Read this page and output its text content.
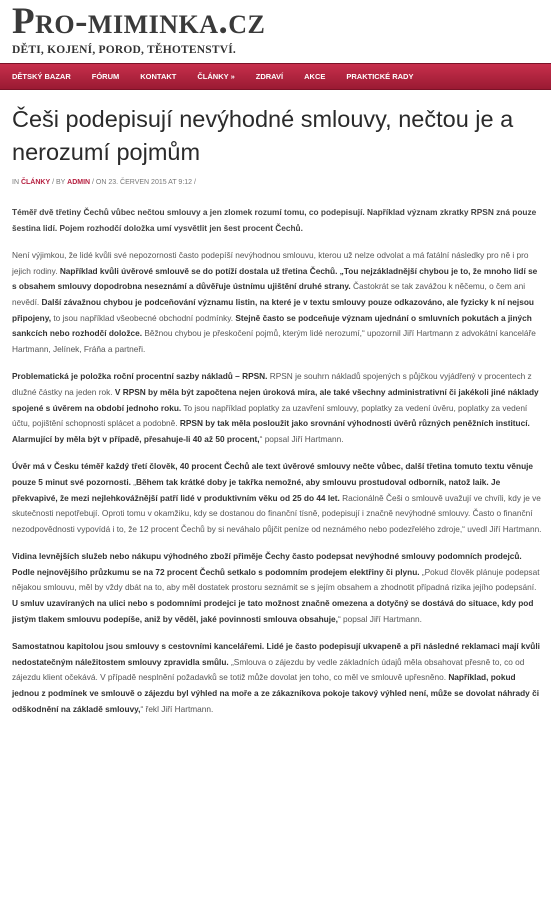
Pro-miminka.cz
DĚTI, KOJENÍ, POROD, TĚHOTENSTVÍ.
DĚTSKÝ BAZAR	FÓRUM	KONTAKT	ČLÁNKY »	ZDRAVÍ	AKCE	PRAKTICKÉ RADY
Češi podepisují nevýhodné smlouvy, nečtou je a nerozumí pojmům
IN ČLÁNKY / BY ADMIN / ON 23. ČERVEN 2015 AT 9:12 /

Téměř dvě třetiny Čechů vůbec nečtou smlouvy a jen zlomek rozumí tomu, co podepisují. Například význam zkratky RPSN zná pouze šestina lidí. Pojem rozhodčí doložka umí vysvětlit jen šest procent Čechů.

Není výjimkou, že lidé kvůli své nepozornosti často podepíší nevýhodnou smlouvu, kterou už nelze odvolat a má fatální následky pro ně i pro jejich rodiny. Například kvůli úvěrové smlouvě se do potíží dostala už třetina Čechů. „Tou nejzákladnější chybou je to, že mnoho lidí se s obsahem smlouvy dopodrobna neseznámí a důvěřuje ústnímu ujištění druhé strany. Častokrát se tak zavážou k něčemu, o čem ani nevědí. Další závažnou chybou je podceňování významu listin, na které je v textu smlouvy pouze odkazováno, ale fyzicky k ní nejsou připojeny, to jsou například všeobecné obchodní podmínky. Stejně často se podceňuje význam ujednání o smluvních pokutách a jiných sankcích nebo rozhodčí doložce. Běžnou chybou je přeskočení pojmů, kterým lidé nerozumí,“ upozornil Jiří Hartmann z advokátní kanceláře Hartmann, Jelínek, Fráňa a partneři.

Problematická je položka roční procentní sazby nákladů – RPSN. RPSN je souhrn nákladů spojených s půjčkou vyjádřený v procentech z dlužné částky na jeden rok. V RPSN by měla být započtena nejen úroková míra, ale také všechny administrativní či jakékoli jiné náklady spojené s úvěrem na období jednoho roku. To jsou například poplatky za uzavření smlouvy, poplatky za vedení úvěru, poplatky za vedení účtu, pojištění schopnosti splácet a podobně. RPSN by tak měla posloužit jako srovnání výhodnosti úvěrů různých peněžních institucí. Alarmující by měla být v případě, přesahuje-li 40 až 50 procent,“ popsal Jiří Hartmann.

Úvěr má v Česku téměř každý třetí člověk, 40 procent Čechů ale text úvěrové smlouvy nečte vůbec, další třetina tomuto textu věnuje pouze 5 minut své pozornosti. „Během tak krátké doby je takřka nemožné, aby smlouvu prostudoval odborník, natož laik. Je překvapivé, že mezi nejlehkovážnější patří lidé v produktivním věku od 25 do 44 let. Racionálně Češi o smlouvě uvažují ve chvíli, kdy je ve skutečnosti nepotřebují. Oproti tomu v okamžiku, kdy se dostanou do finanční tísně, podepisují i značně nevýhodné smlouvy. Často o finanční nezodpovědnosti vypovídá i to, že 12 procent Čechů by si neváhalo půjčit peníze od neznámého nebo podezřelého zdroje,“ uvedl Jiří Hartmann.

Vidina levnějších služeb nebo nákupu výhodného zboží přiměje Čechy často podepsat nevýhodné smlouvy podomních prodejců. Podle nejnovějšího průzkumu se na 72 procent Čechů setkalo s podomním prodejem elektřiny či plynu. „Pokud člověk plánuje podepsat nějakou smlouvu, měl by vždy dbát na to, aby měl dostatek prostoru seznámit se s jejím obsahem a zhodnotit případná rizika jejího podepsání. U smluv uzavíraných na ulici nebo s podomními prodejci je tato možnost značně omezena a dotyčný se dostává do situace, kdy pod jistým tlakem smlouvu podepíše, aniž by věděl, jaké povinnosti smlouva obsahuje,“ popsal Jiří Hartmann.

Samostatnou kapitolou jsou smlouvy s cestovními kancelářemi. Lidé je často podepisují ukvapeně a při následné reklamaci mají kvůli nedostatečným náležitostem smlouvy zpravidla smůlu. „Smlouva o zájezdu by vedle základních údajů měla obsahovat přesně to, co od zájezdu klient očekává. V případě nesplnění požadavků se totiž může dovolat jen toho, co měl ve smlouvě upřesněno. Například, pokud jednou z podmínek ve smlouvě o zájezdu byl výhled na moře a ze zákazníkova pokoje takový výhled není, může se dovolat náhrady či odškodnění na základě smlouvy,“ řekl Jiří Hartmann.
